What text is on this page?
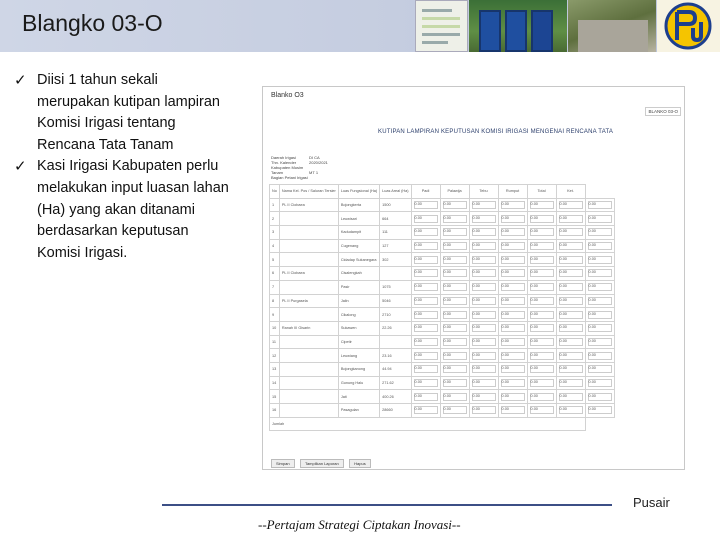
Blangko 03-O
✓ Diisi 1 tahun sekali merupakan kutipan lampiran Komisi Irigasi tentang Rencana Tata Tanam
✓ Kasi Irigasi Kabupaten perlu melakukan input luasan lahan (Ha) yang akan ditanami berdasarkan keputusan Komisi Irigasi.
Blanko O3
BLANKO 03-O
KUTIPAN LAMPIRAN KEPUTUSAN KOMISI IRIGASI MENGENAI RENCANA TATA
Daerah Irigasi	DI CA
Thn. Kalender	2020/2021
Kabupaten Musim Tanam	MT 1
Bagian Petani Irigasi
No	Nama Kel. Pos / Saluran Tersier	Luas Fungsional (Ha)	Luas Areal (Ha)	Padi	Palawija	Tebu	Rumput	Total	Ket.	
1	PL II Ciobaea	Bojongkerta	1500	0.00	0.00	0.00	0.00	0.00	0.00	0.00
2		Leuwisari	664	0.00	0.00	0.00	0.00	0.00	0.00	0.00
3		Kadudampit	111	0.00	0.00	0.00	0.00	0.00	0.00	0.00
4		Cugenang	127	0.00	0.00	0.00	0.00	0.00	0.00	0.00
5		Cidadap Sukanegara	302	0.00	0.00	0.00	0.00	0.00	0.00	0.00
6	PL II Ciobaea	Cisalengkah		0.00	0.00	0.00	0.00	0.00	0.00	0.00
7		Pasir	1075	0.00	0.00	0.00	0.00	0.00	0.00	0.00
8	PL II Purgasela	Jalin	5046	0.00	0.00	0.00	0.00	0.00	0.00	0.00
9		Cikalong	2710	0.00	0.00	0.00	0.00	0.00	0.00	0.00
10	Ranah III Gisarin	Sukawen	22.26	0.00	0.00	0.00	0.00	0.00	0.00	0.00
11		Cipetir		0.00	0.00	0.00	0.00	0.00	0.00	0.00
12		Leuwiang	23.16	0.00	0.00	0.00	0.00	0.00	0.00	0.00
13		Bojongkanong	44.94	0.00	0.00	0.00	0.00	0.00	0.00	0.00
14		Gunung Halu	271.62	0.00	0.00	0.00	0.00	0.00	0.00	0.00
15		Jati	400.26	0.00	0.00	0.00	0.00	0.00	0.00	0.00
16		Pasagulan	28660	0.00	0.00	0.00	0.00	0.00	0.00	0.00
Jumlah										
Simpan	Tampilkan Laporan	Hapus
Pusair
--Pertajam Strategi Ciptakan Inovasi--
